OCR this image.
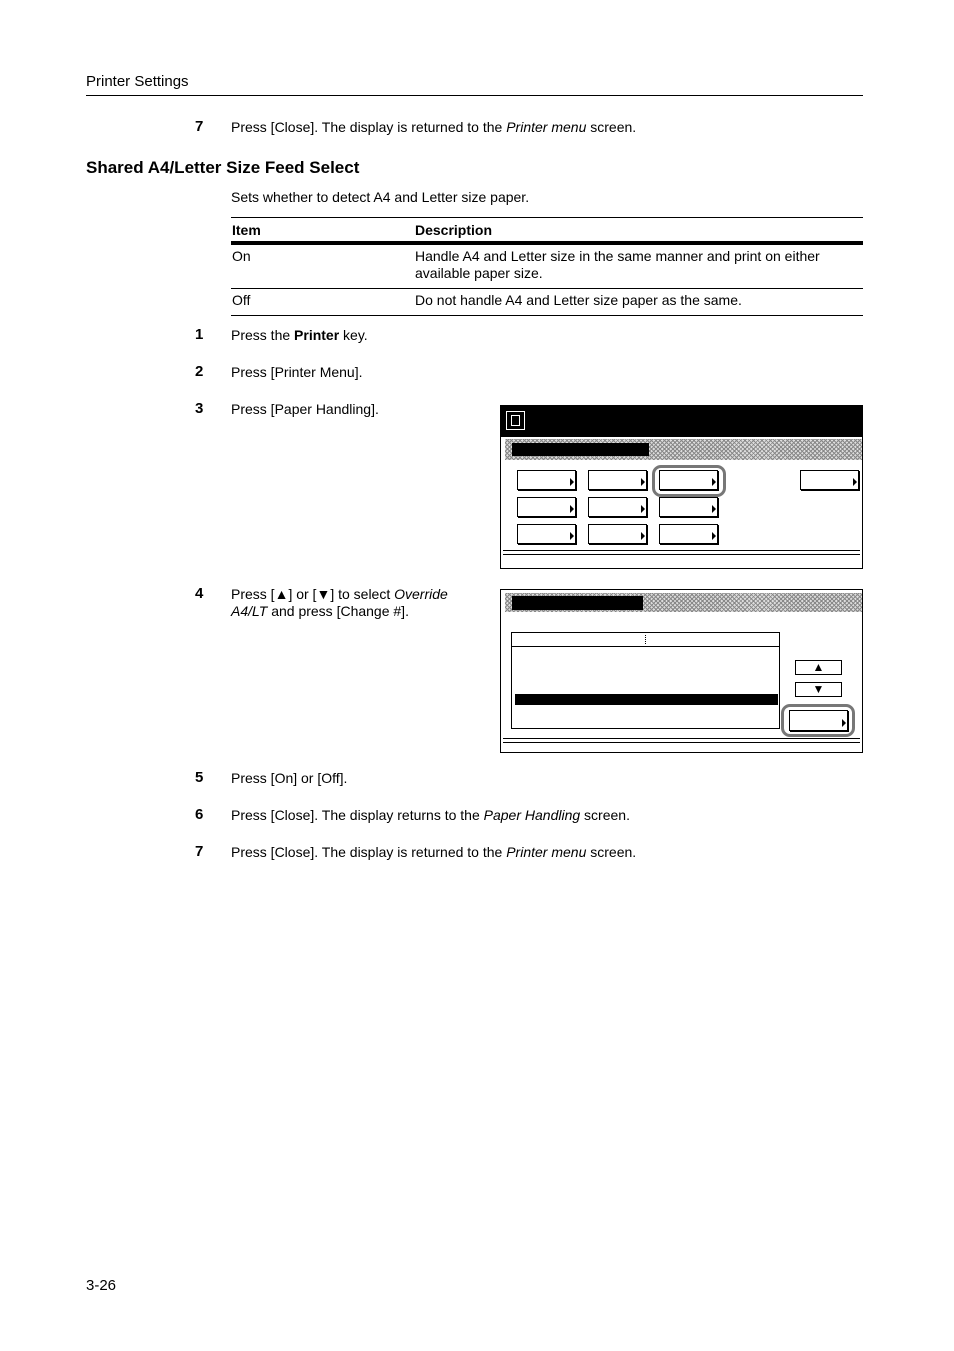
Printer Settings
7	Press [Close]. The display is returned to the Printer menu screen.
Shared A4/Letter Size Feed Select
Sets whether to detect A4 and Letter size paper.
Item	Description
On	Handle A4 and Letter size in the same manner and print on either available paper size.
Off	Do not handle A4 and Letter size paper as the same.
1	Press the Printer key.
2	Press [Printer Menu].
3	Press [Paper Handling].
4	Press [▲] or [▼] to select Override A4/LT and press [Change #].
▲
▼
5	Press [On] or [Off].
6	Press [Close]. The display returns to the Paper Handling screen.
7	Press [Close]. The display is returned to the Printer menu screen.
3-26
